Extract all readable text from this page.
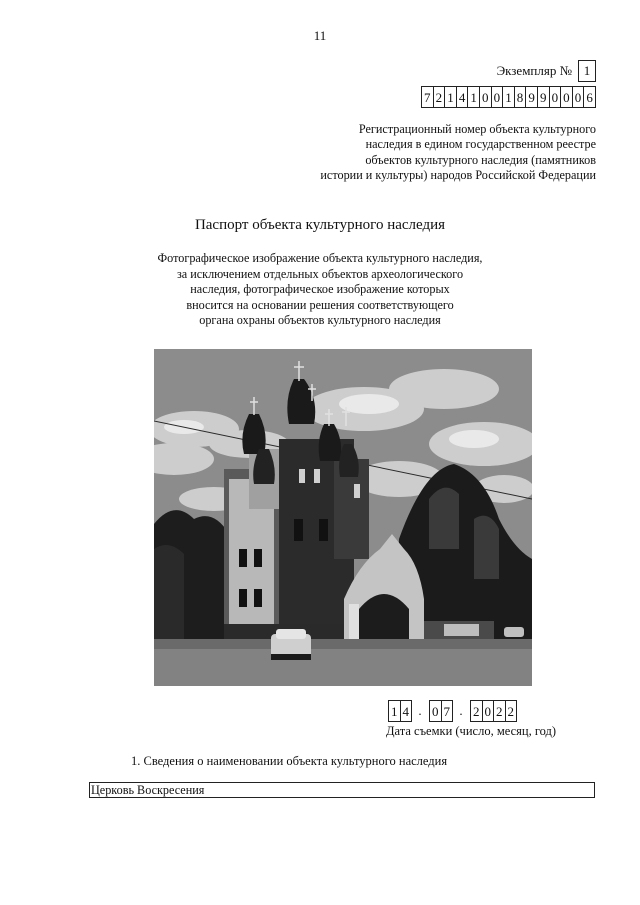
11
Экземпляр № 1
7 2 1 4 1 0 0 1 8 9 9 0 0 0 6
Регистрационный номер объекта культурного
наследия в едином государственном реестре
объектов культурного наследия (памятников
истории и культуры) народов Российской Федерации
Паспорт объекта культурного наследия
Фотографическое изображение объекта культурного наследия,
за исключением отдельных объектов археологического
наследия, фотографическое изображение которых
вносится на основании решения соответствующего
органа охраны объектов культурного наследия
1 4 . 0 7 . 2 0 2 2
Дата съемки (число, месяц, год)
1. Сведения о наименовании объекта культурного наследия
Церковь Воскресения
